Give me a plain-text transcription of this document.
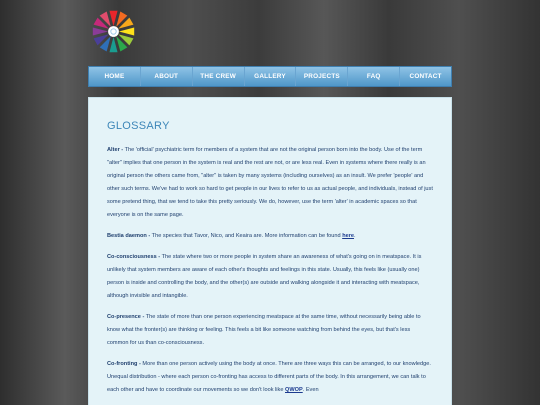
HOME	ABOUT	THE CREW	GALLERY	PROJECTS	FAQ	CONTACT
GLOSSARY

Alter - The 'official' psychiatric term for members of a system that are not the original person born into the body. Use of the term "alter" implies that one person in the system is real and the rest are not, or are less real. Even in systems where there really is an original person the others came from, "alter" is taken by many systems (including ourselves) as an insult. We prefer 'people' and other such terms. We've had to work so hard to get people in our lives to refer to us as actual people, and individuals, instead of just some pretend thing, that we tend to take this pretty seriously. We do, however, use the term 'alter' in academic spaces so that everyone is on the same page.

Bestia daemon - The species that Tavor, Nico, and Keaira are. More information can be found here.

Co-consciousness - The state where two or more people in system share an awareness of what's going on in meatspace. It is unlikely that system members are aware of each other's thoughts and feelings in this state. Usually, this feels like (usually one) person is inside and controlling the body, and the other(s) are outside and walking alongside it and interacting with meatspace, although invisible and intangible.

Co-presence - The state of more than one person experiencing meatspace at the same time, without necessarily being able to know what the fronter(s) are thinking or feeling. This feels a bit like someone watching from behind the eyes, but that's less common for us than co-consciousness.

Co-fronting - More than one person actively using the body at once. There are three ways this can be arranged, to our knowledge. Unequal distribution - where each person co-fronting has access to different parts of the body. In this arrangement, we can talk to each other and have to coordinate our movements so we don't look like QWOP. Even
